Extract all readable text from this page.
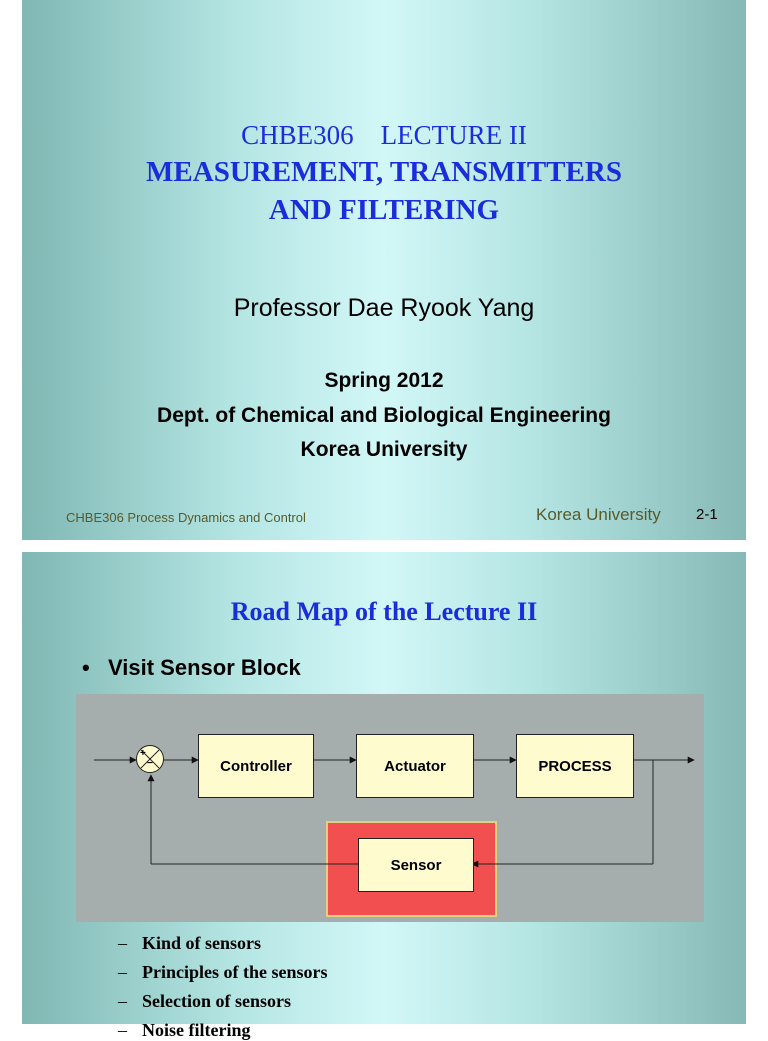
CHBE306    LECTURE II
MEASUREMENT, TRANSMITTERS
AND FILTERING
Professor Dae Ryook Yang
Spring 2012
Dept. of Chemical and Biological Engineering
Korea University
CHBE306 Process Dynamics and Control	Korea University 2-1
Road Map of the Lecture II
• Visit Sensor Block
+
−	Controller	Actuator	PROCESS
Sensor
– Kind of sensors
– Principles of the sensors
– Selection of sensors
– Noise filtering
